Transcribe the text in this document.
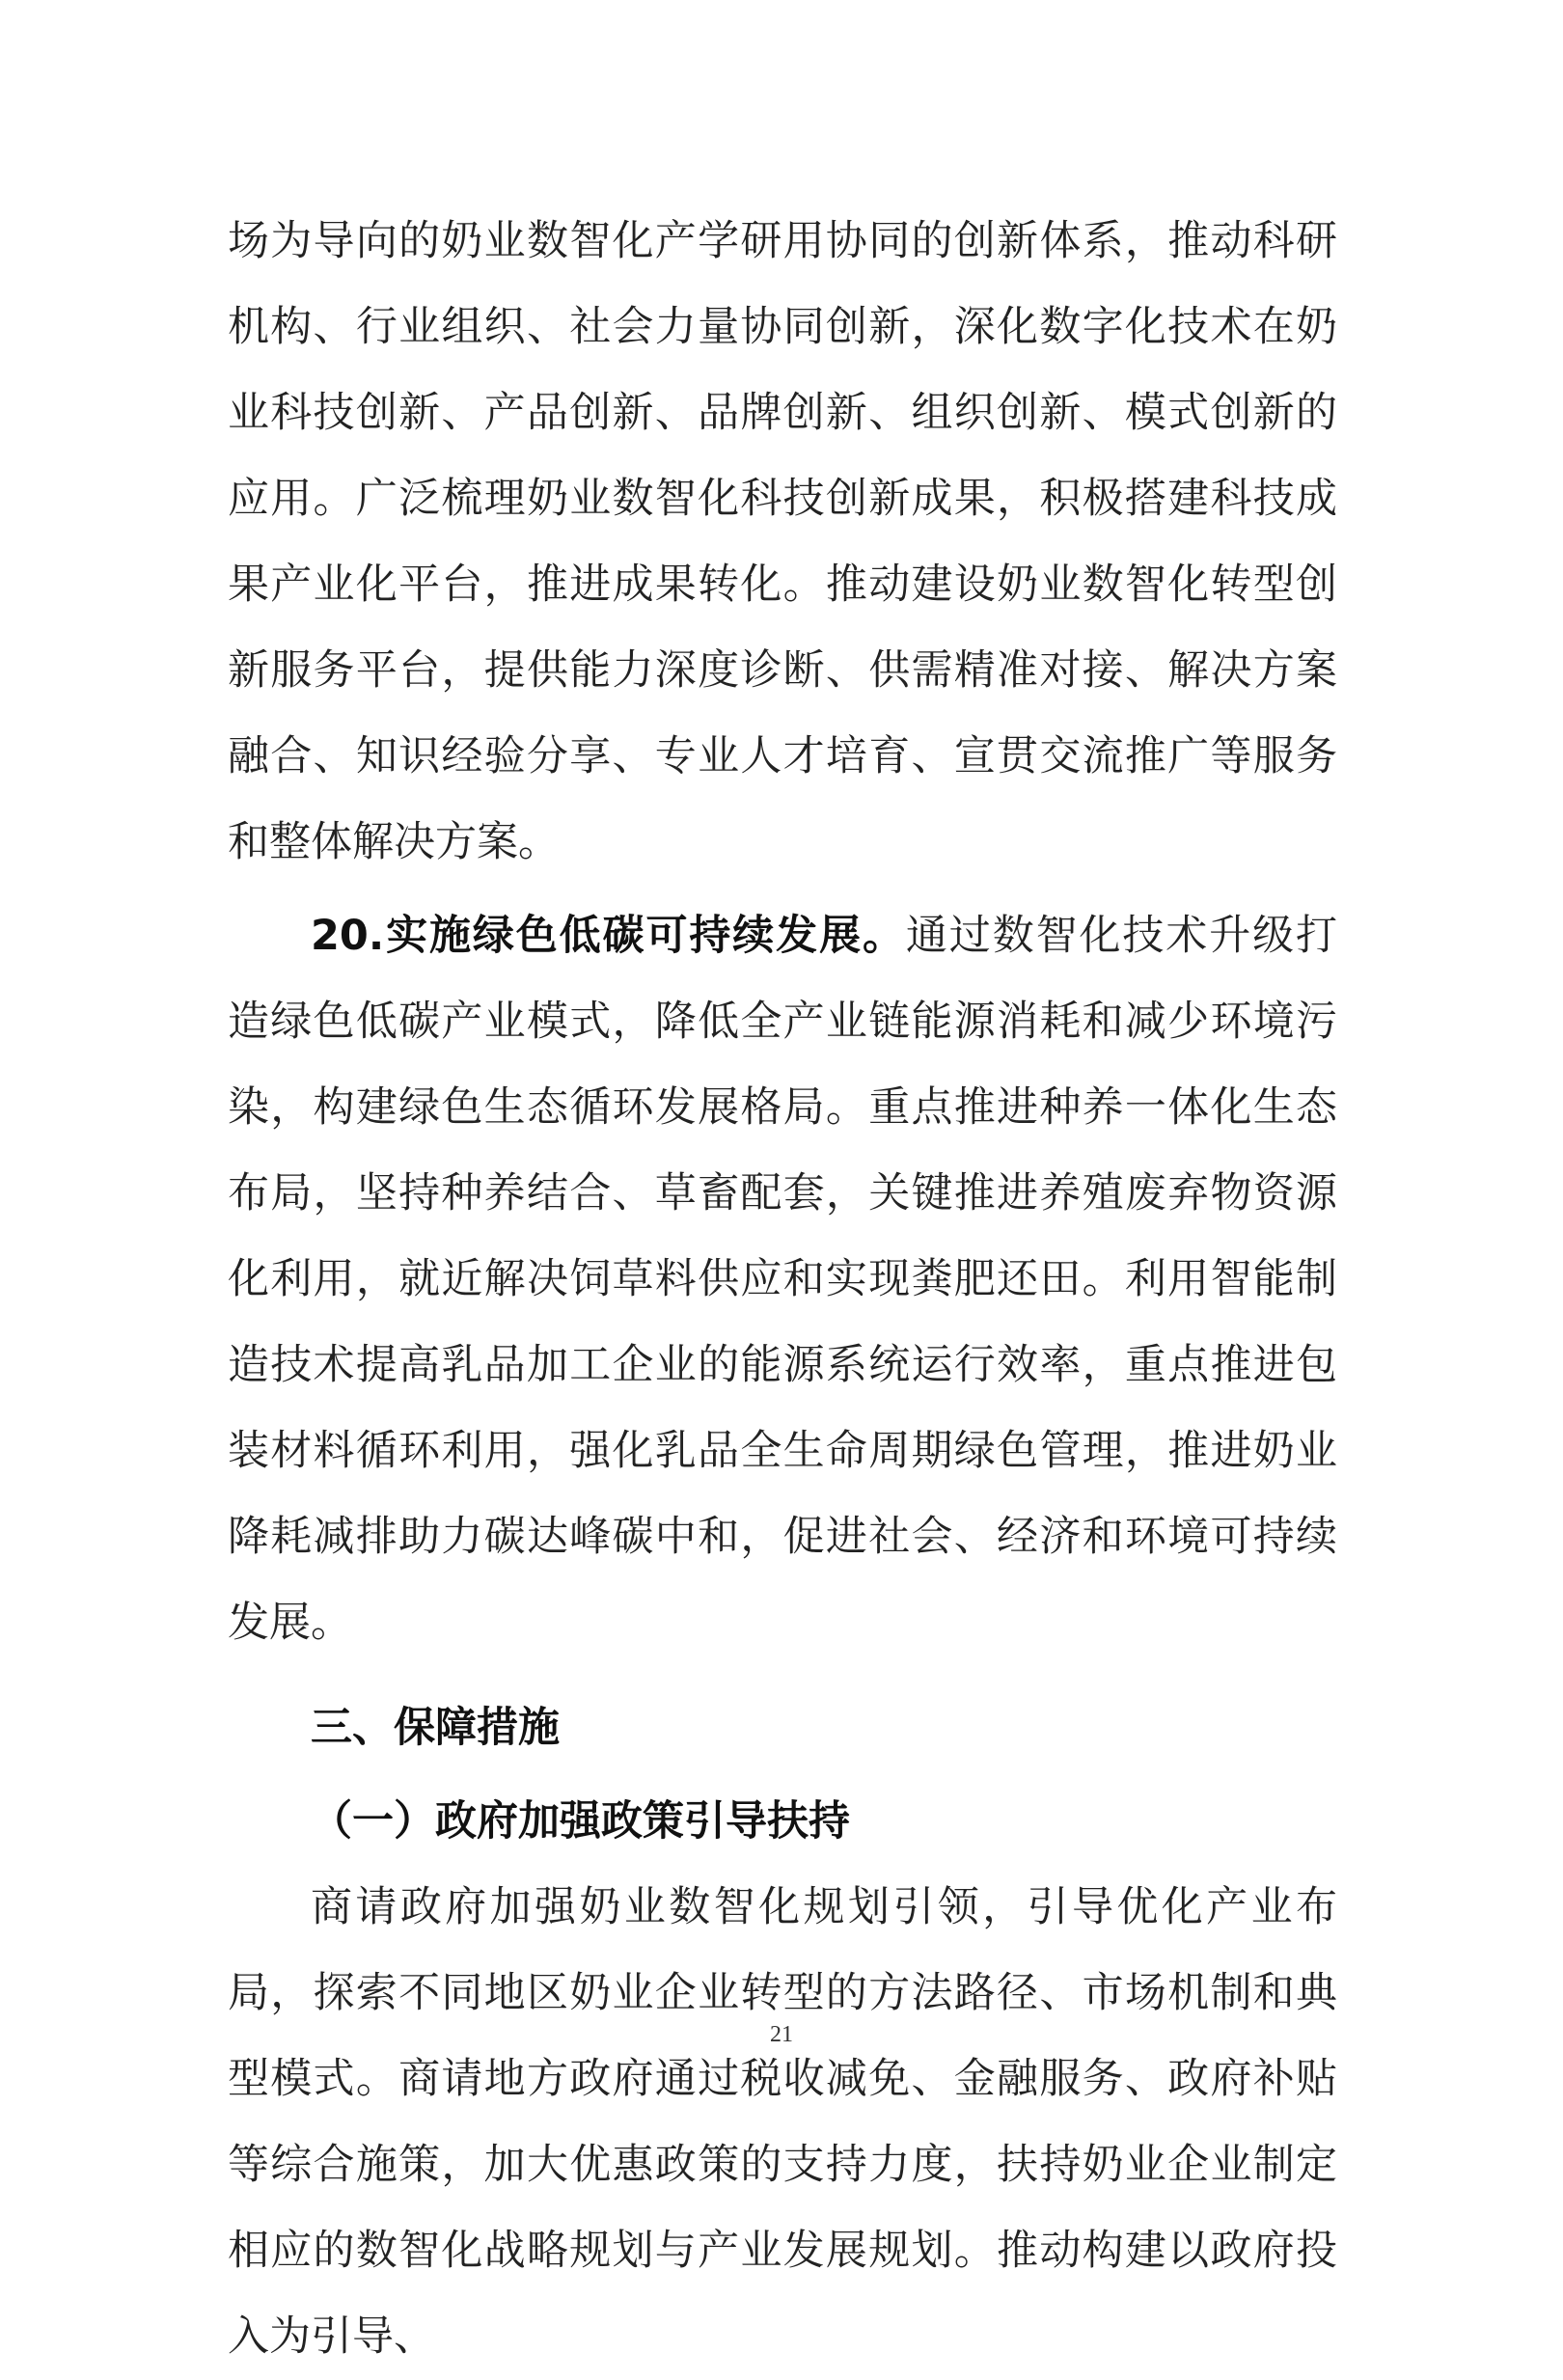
场为导向的奶业数智化产学研用协同的创新体系，推动科研机构、行业组织、社会力量协同创新，深化数字化技术在奶业科技创新、产品创新、品牌创新、组织创新、模式创新的应用。广泛梳理奶业数智化科技创新成果，积极搭建科技成果产业化平台，推进成果转化。推动建设奶业数智化转型创新服务平台，提供能力深度诊断、供需精准对接、解决方案融合、知识经验分享、专业人才培育、宣贯交流推广等服务和整体解决方案。

20.实施绿色低碳可持续发展。通过数智化技术升级打造绿色低碳产业模式，降低全产业链能源消耗和减少环境污染，构建绿色生态循环发展格局。重点推进种养一体化生态布局，坚持种养结合、草畜配套，关键推进养殖废弃物资源化利用，就近解决饲草料供应和实现粪肥还田。利用智能制造技术提高乳品加工企业的能源系统运行效率，重点推进包装材料循环利用，强化乳品全生命周期绿色管理，推进奶业降耗减排助力碳达峰碳中和，促进社会、经济和环境可持续发展。

三、保障措施

（一）政府加强政策引导扶持

商请政府加强奶业数智化规划引领，引导优化产业布局，探索不同地区奶业企业转型的方法路径、市场机制和典型模式。商请地方政府通过税收减免、金融服务、政府补贴等综合施策，加大优惠政策的支持力度，扶持奶业企业制定相应的数智化战略规划与产业发展规划。推动构建以政府投入为引导、

21
